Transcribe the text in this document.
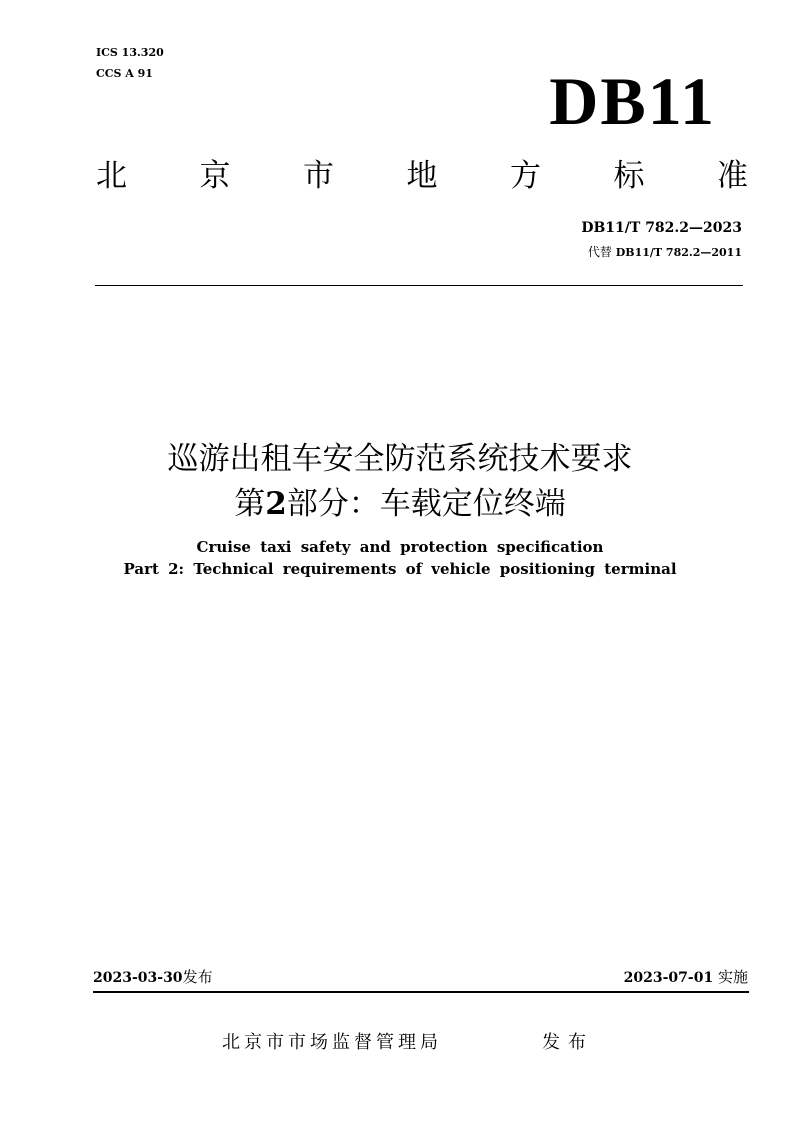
ICS 13.320
CCS A 91	DB11
北 京 市 地 方 标 准
DB11/T 782.2—2023
代替 DB11/T 782.2—2011
巡游出租车安全防范系统技术要求
第2部分：车载定位终端
Cruise taxi safety and protection specification
Part 2: Technical requirements of vehicle positioning terminal
2023-03-30发布	2023-07-01 实施
北京市市场监督管理局	发布
